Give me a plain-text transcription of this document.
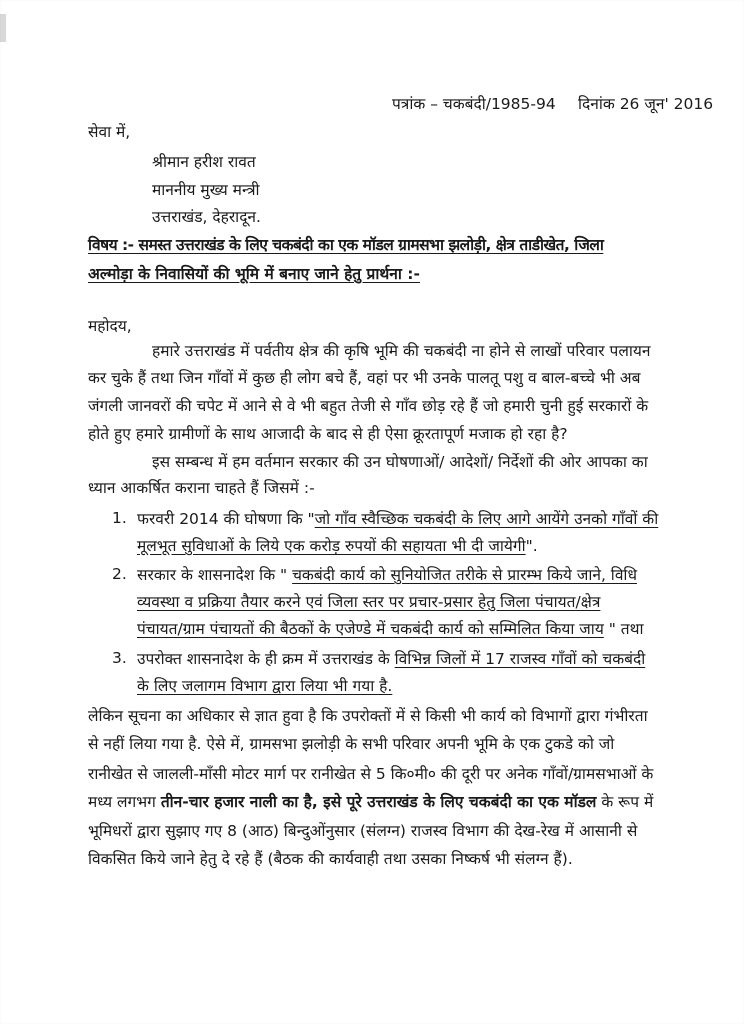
पत्रांक – चकबंदी/1985-94 दिनांक 26 जून' 2016
सेवा में,
श्रीमान हरीश रावत
माननीय मुख्य मन्त्री
उत्तराखंड, देहरादून.
विषय :- समस्त उत्तराखंड के लिए चकबंदी का एक मॉडल ग्रामसभा झलोड़ी, क्षेत्र ताडीखेत, जिला
अल्मोड़ा के निवासियों की भूमि में बनाए जाने हेतु प्रार्थना :-
महोदय,
हमारे उत्तराखंड में पर्वतीय क्षेत्र की कृषि भूमि की चकबंदी ना होने से लाखों परिवार पलायन
कर चुके हैं तथा जिन गाँवों में कुछ ही लोग बचे हैं, वहां पर भी उनके पालतू पशु व बाल-बच्चे भी अब
जंगली जानवरों की चपेट में आने से वे भी बहुत तेजी से गाँव छोड़ रहे हैं जो हमारी चुनी हुई सरकारों के
होते हुए हमारे ग्रामीणों के साथ आजादी के बाद से ही ऐसा क्रूरतापूर्ण मजाक हो रहा है?
इस सम्बन्ध में हम वर्तमान सरकार की उन घोषणाओं/ आदेशों/ निर्देशों की ओर आपका का
ध्यान आकर्षित कराना चाहते हैं जिसमें :-
1. फरवरी 2014 की घोषणा कि "जो गाँव स्वैच्छिक चकबंदी के लिए आगे आयेंगे उनको गाँवों की
मूलभूत सुविधाओं के लिये एक करोड़ रुपयों की सहायता भी दी जायेगी".
2. सरकार के शासनादेश कि " चकबंदी कार्य को सुनियोजित तरीके से प्रारम्भ किये जाने, विधि
व्यवस्था व प्रक्रिया तैयार करने एवं जिला स्तर पर प्रचार-प्रसार हेतु जिला पंचायत/क्षेत्र
पंचायत/ग्राम पंचायतों की बैठकों के एजेण्डे में चकबंदी कार्य को सम्मिलित किया जाय " तथा
3. उपरोक्त शासनादेश के ही क्रम में उत्तराखंड के विभिन्न जिलों में 17 राजस्व गाँवों को चकबंदी
के लिए जलागम विभाग द्वारा लिया भी गया है.
लेकिन सूचना का अधिकार से ज्ञात हुवा है कि उपरोक्तों में से किसी भी कार्य को विभागों द्वारा गंभीरता
से नहीं लिया गया है. ऐसे में, ग्रामसभा झलोड़ी के सभी परिवार अपनी भूमि के एक टुकडे को जो
रानीखेत से जालली-माँसी मोटर मार्ग पर रानीखेत से 5 कि०मी० की दूरी पर अनेक गाँवों/ग्रामसभाओं के
मध्य लगभग तीन-चार हजार नाली का है, इसे पूरे उत्तराखंड के लिए चकबंदी का एक मॉडल के रूप में
भूमिधरों द्वारा सुझाए गए 8 (आठ) बिन्दुओंनुसार (संलग्न) राजस्व विभाग की देख-रेख में आसानी से
विकसित किये जाने हेतु दे रहे हैं (बैठक की कार्यवाही तथा उसका निष्कर्ष भी संलग्न हैं).
